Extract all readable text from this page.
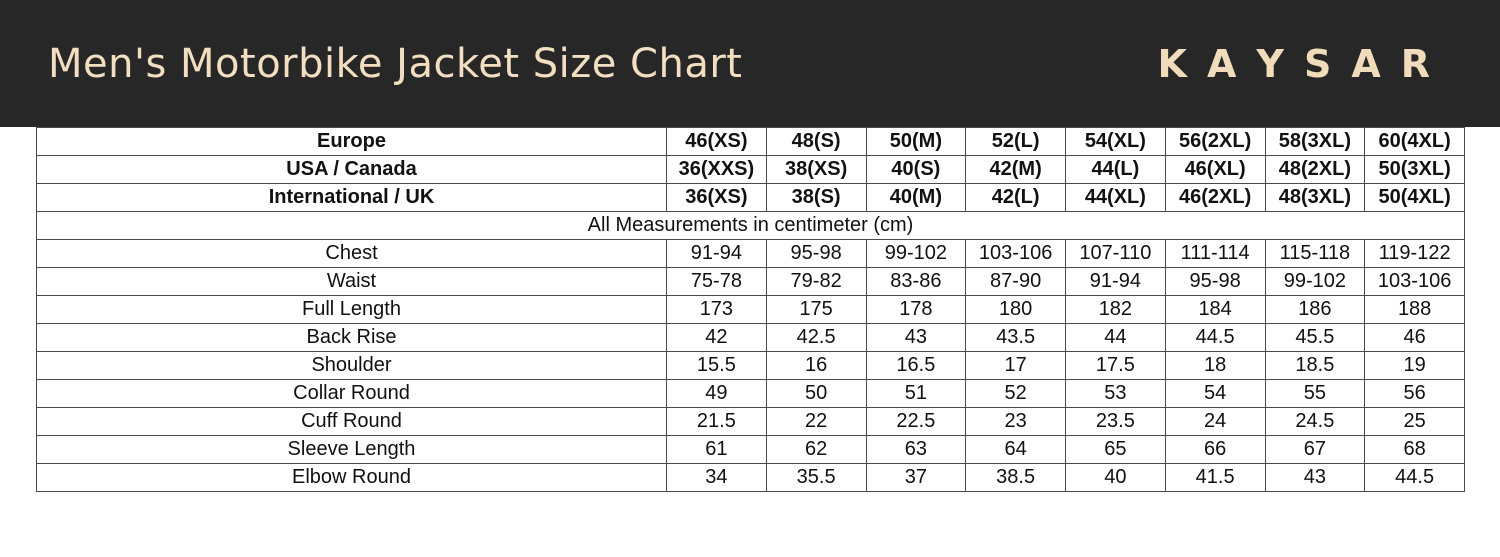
Men's Motorbike Jacket Size Chart	K A Y S A R
Europe	46(XS)	48(S)	50(M)	52(L)	54(XL)	56(2XL)	58(3XL)	60(4XL)
USA / Canada	36(XXS)	38(XS)	40(S)	42(M)	44(L)	46(XL)	48(2XL)	50(3XL)
International / UK	36(XS)	38(S)	40(M)	42(L)	44(XL)	46(2XL)	48(3XL)	50(4XL)
All Measurements in centimeter (cm)								
Chest	91-94	95-98	99-102	103-106	107-110	111-114	115-118	119-122
Waist	75-78	79-82	83-86	87-90	91-94	95-98	99-102	103-106
Full Length	173	175	178	180	182	184	186	188
Back Rise	42	42.5	43	43.5	44	44.5	45.5	46
Shoulder	15.5	16	16.5	17	17.5	18	18.5	19
Collar Round	49	50	51	52	53	54	55	56
Cuff Round	21.5	22	22.5	23	23.5	24	24.5	25
Sleeve Length	61	62	63	64	65	66	67	68
Elbow Round	34	35.5	37	38.5	40	41.5	43	44.5
